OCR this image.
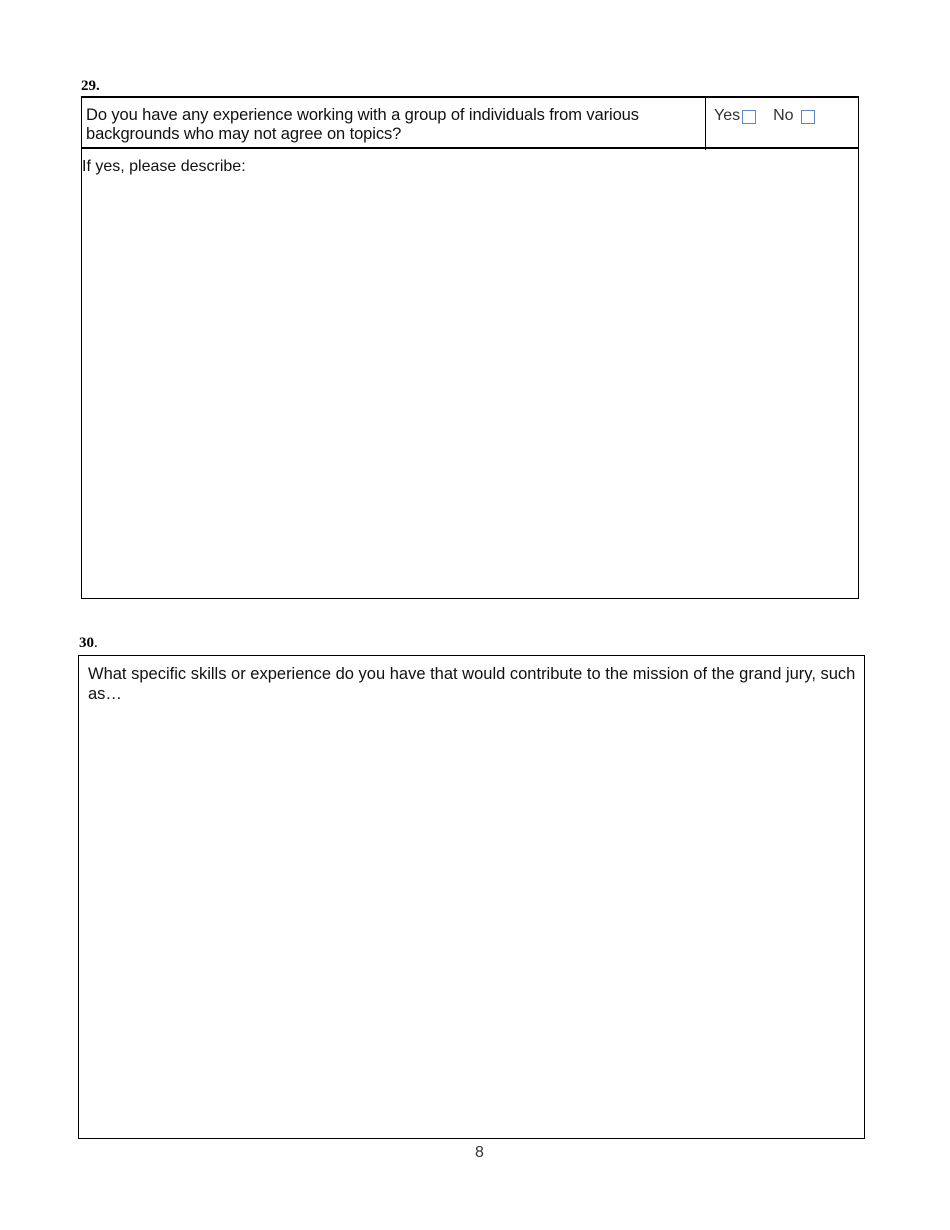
29.
Do you have any experience working with a group of individuals from various backgrounds who may not agree on topics?
Yes No
If yes, please describe:
30.
What specific skills or experience do you have that would contribute to the mission of the grand jury, such as…
8
